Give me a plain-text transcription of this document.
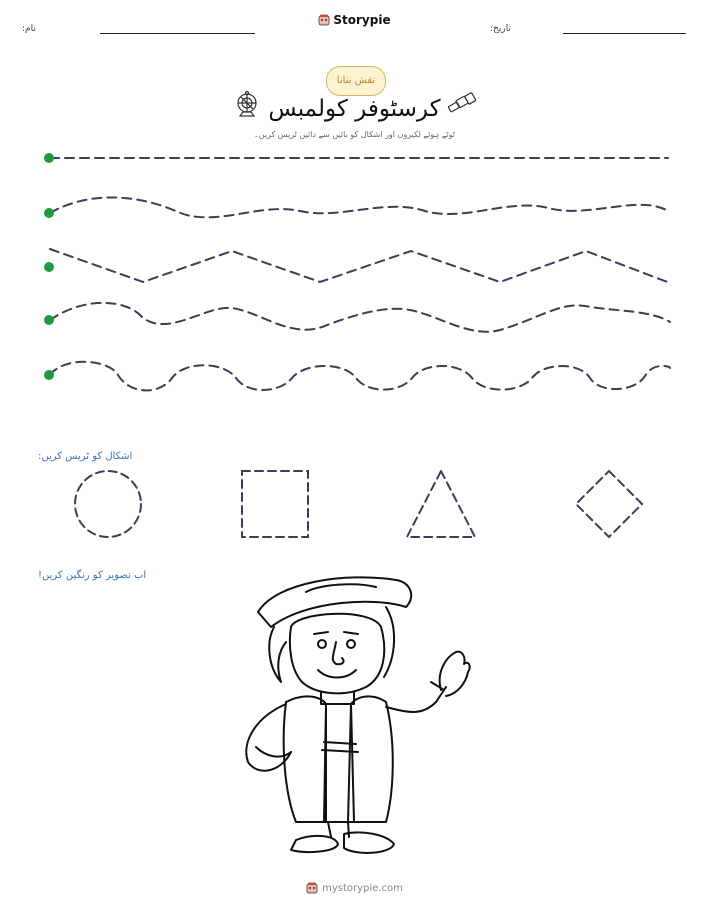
نام:	تاریخ:
Storypie
نقش بنانا
کرسٹوفر کولمبس
ٹوٹے ہوئے لکیروں اور اشکال کو بائیں سے دائیں ٹریس کریں۔
اشکال کو ٹریس کریں:
اب تصویر کو رنگین کریں!
mystorypie.com
